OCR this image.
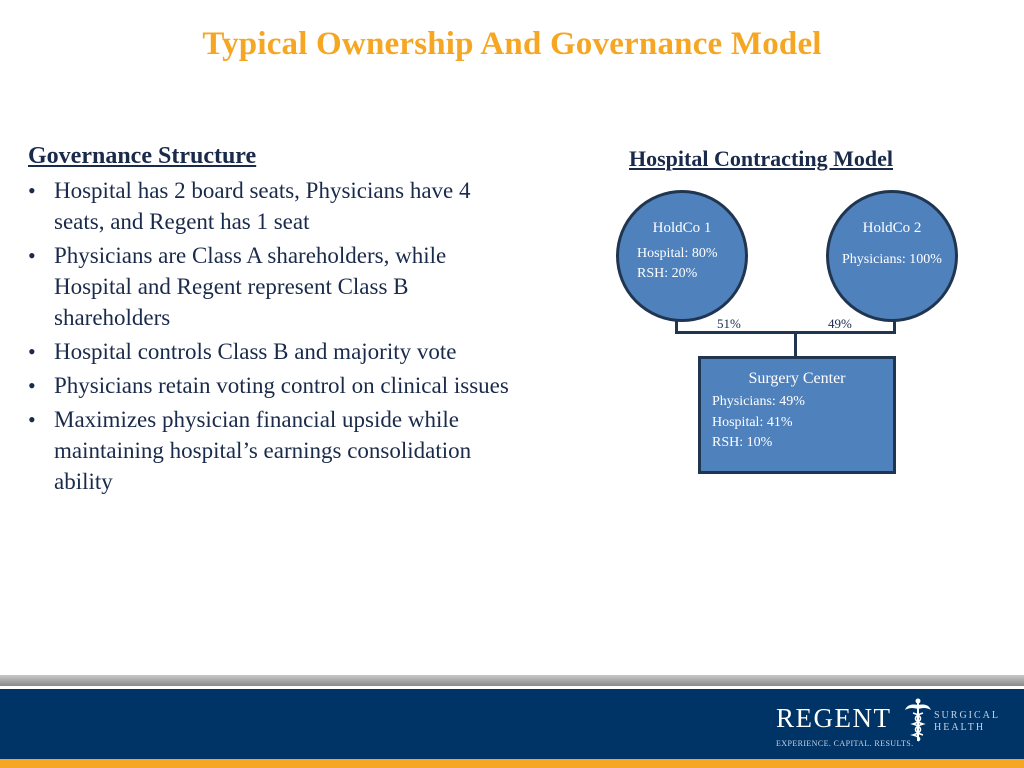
Typical Ownership And Governance Model
Governance Structure
• Hospital has 2 board seats, Physicians have 4 seats, and Regent has 1 seat
• Physicians are Class A shareholders, while Hospital and Regent represent Class B shareholders
• Hospital controls Class B and majority vote
• Physicians retain voting control on clinical issues
• Maximizes physician financial upside while maintaining hospital’s earnings consolidation ability
Hospital Contracting Model
HoldCo 1
Hospital: 80%
RSH: 20%
HoldCo 2
Physicians: 100%
51%	49%
Surgery Center
Physicians: 49%
Hospital: 41%
RSH: 10%
REGENT	SURGICAL
HEALTH
EXPERIENCE. CAPITAL. RESULTS.
